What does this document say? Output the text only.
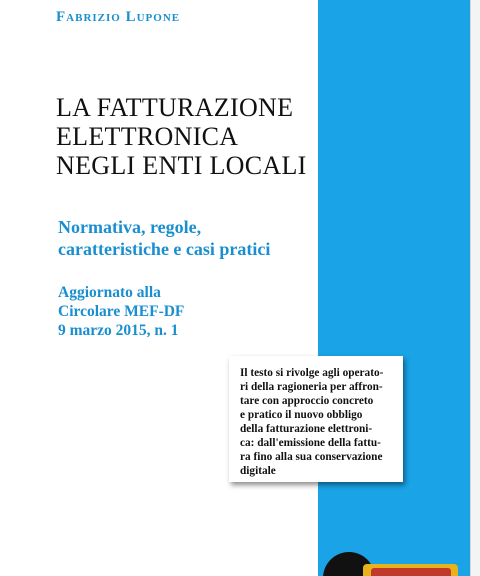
Fabrizio Lupone
LA FATTURAZIONE
ELETTRONICA
NEGLI ENTI LOCALI
Normativa, regole,
caratteristiche e casi pratici
Aggiornato alla
Circolare MEF-DF
9 marzo 2015, n. 1

Il testo si rivolge agli operato-
ri della ragioneria per affron-
tare con approccio concreto
e pratico il nuovo obbligo
della fatturazione elettroni-
ca: dall'emissione della fattu-
ra fino alla sua conservazione
digitale
